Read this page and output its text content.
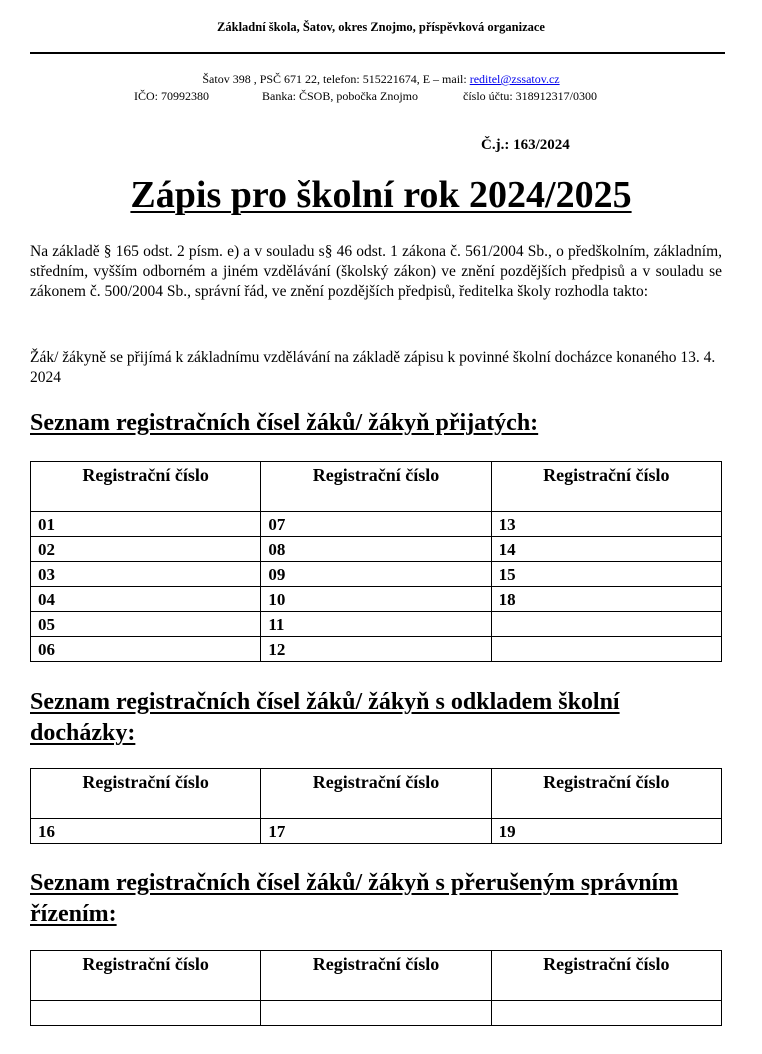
Základní škola, Šatov, okres Znojmo, příspěvková organizace
Šatov 398 , PSČ 671 22, telefon: 515221674, E – mail: reditel@zssatov.cz
IČO: 70992380	Banka: ČSOB, pobočka Znojmo	číslo účtu: 318912317/0300
Č.j.: 163/2024
Zápis pro školní rok 2024/2025
Na základě § 165 odst. 2 písm. e) a v souladu s§ 46 odst. 1 zákona č. 561/2004 Sb., o předškolním, základním, středním, vyšším odborném a jiném vzdělávání (školský zákon) ve znění pozdějších předpisů a v souladu se zákonem č. 500/2004 Sb., správní řád, ve znění pozdějších předpisů, ředitelka školy rozhodla takto:
Žák/ žákyně se přijímá k základnímu vzdělávání na základě zápisu k povinné školní docházce konaného 13. 4. 2024
Seznam registračních čísel žáků/ žákyň přijatých:
Registrační číslo	Registrační číslo	Registrační číslo
01	07	13
02	08	14
03	09	15
04	10	18
05	11	
06	12	
Seznam registračních čísel žáků/ žákyň s odkladem školní docházky:
Registrační číslo	Registrační číslo	Registrační číslo
16	17	19
Seznam registračních čísel žáků/ žákyň s přerušeným správním řízením:
Registrační číslo	Registrační číslo	Registrační číslo
